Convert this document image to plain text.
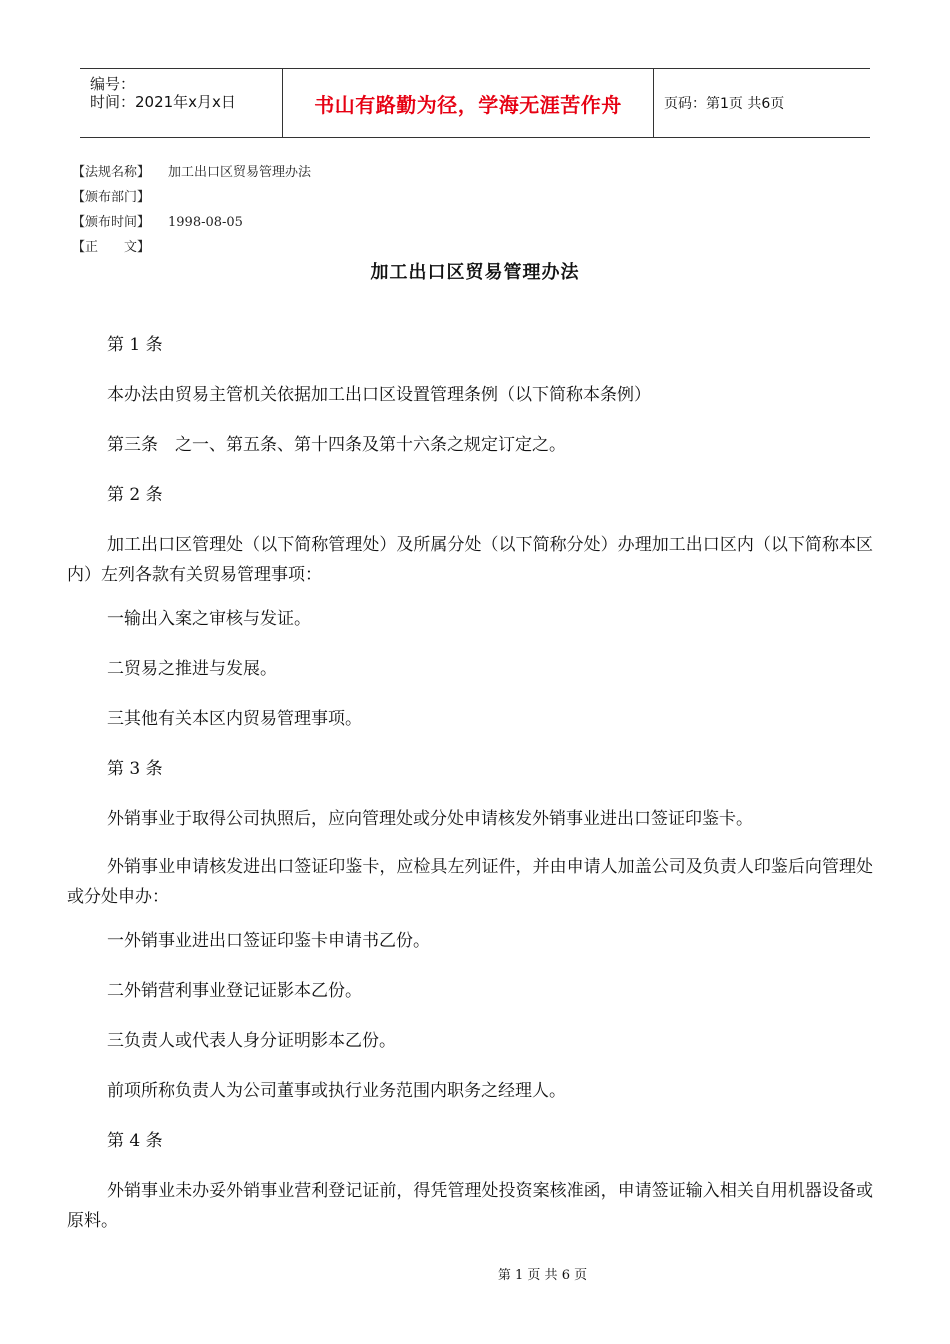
编号：
时间：2021年x月x日	书山有路勤为径，学海无涯苦作舟	页码：第1页 共6页
【法规名称】 加工出口区贸易管理办法
【颁布部门】
【颁布时间】 1998-08-05
【正　　文】
加工出口区贸易管理办法
第 1 条
本办法由贸易主管机关依据加工出口区设置管理条例（以下简称本条例）
第三条　之一、第五条、第十四条及第十六条之规定订定之。
第 2 条
加工出口区管理处（以下简称管理处）及所属分处（以下简称分处）办理加工出口区内（以下简称本区内）左列各款有关贸易管理事项：
一输出入案之审核与发证。
二贸易之推进与发展。
三其他有关本区内贸易管理事项。
第 3 条
外销事业于取得公司执照后，应向管理处或分处申请核发外销事业进出口签证印鉴卡。
外销事业申请核发进出口签证印鉴卡，应检具左列证件，并由申请人加盖公司及负责人印鉴后向管理处或分处申办：
一外销事业进出口签证印鉴卡申请书乙份。
二外销营利事业登记证影本乙份。
三负责人或代表人身分证明影本乙份。
前项所称负责人为公司董事或执行业务范围内职务之经理人。
第 4 条
外销事业未办妥外销事业营利登记证前，得凭管理处投资案核准函，申请签证输入相关自用机器设备或原料。
第 1 页 共 6 页
